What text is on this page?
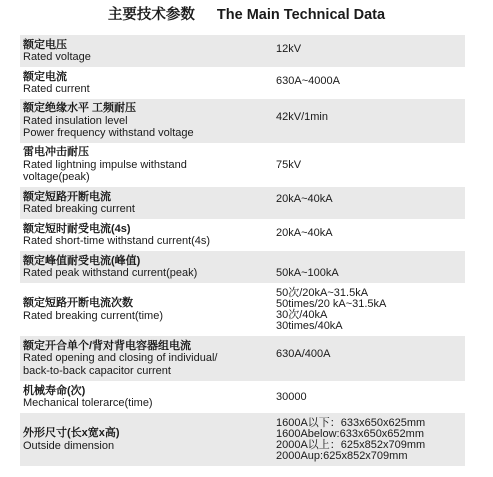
主要技术参数 The Main Technical Data
额定电压
Rated voltage
12kV
额定电流
Rated current
630A~4000A
额定绝缘水平 工频耐压
Rated insulation level
Power frequency withstand voltage
42kV/1min
雷电冲击耐压
Rated lightning impulse withstand
voltage(peak)
75kV
额定短路开断电流
Rated breaking current
20kA~40kA
额定短时耐受电流(4s)
Rated short-time withstand current(4s)
20kA~40kA
额定峰值耐受电流(峰值)
Rated peak withstand current(peak)	50kA~100kA
额定短路开断电流次数
Rated breaking current(time)
50次/20kA~31.5kA
50times/20 kA~31.5kA
30次/40kA
30times/40kA
额定开合单个/背对背电容器组电流
Rated opening and closing of individual/
back-to-back capacitor current
630A/400A
机械寿命(次)
Mechanical tolerarce(time)
30000
外形尺寸(长x宽x高)
Outside dimension
1600A以下：633x650x625mm
1600Abelow:633x650x652mm
2000A以上：625x852x709mm
2000Aup:625x852x709mm
